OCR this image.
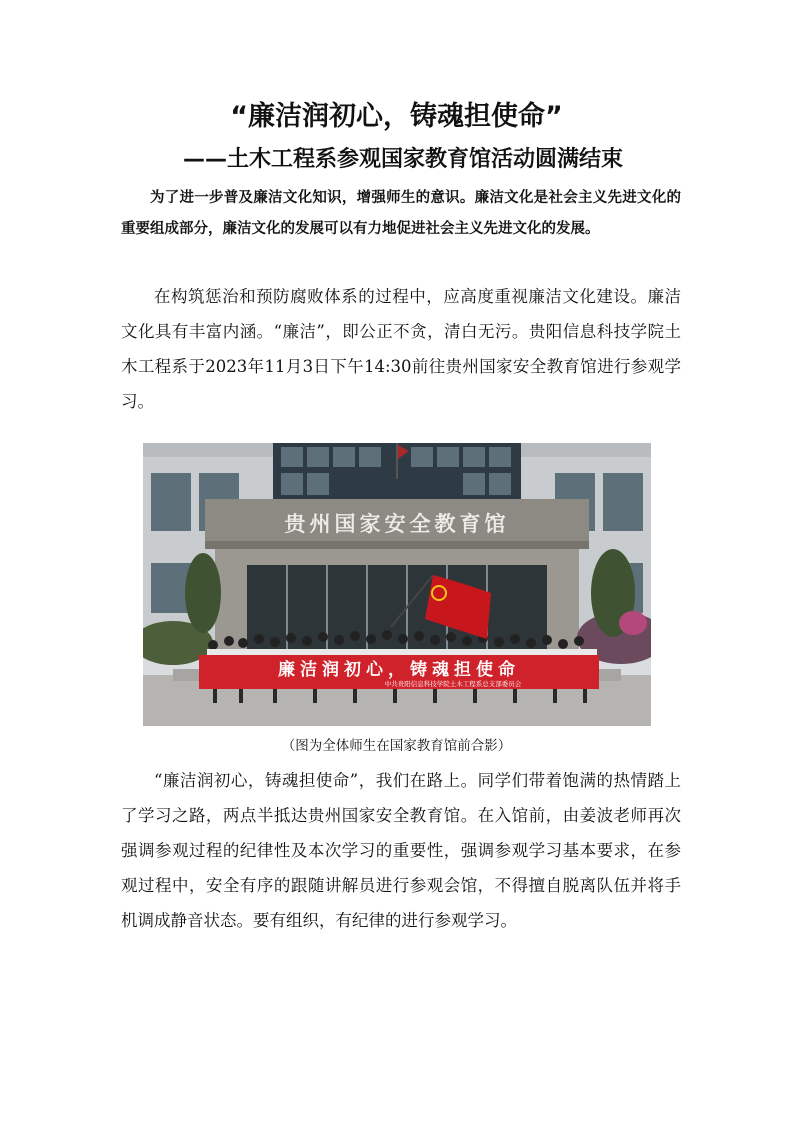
“廉洁润初心，铸魂担使命”
——土木工程系参观国家教育馆活动圆满结束
为了进一步普及廉洁文化知识，增强师生的意识。廉洁文化是社会主义先进文化的重要组成部分，廉洁文化的发展可以有力地促进社会主义先进文化的发展。
在构筑惩治和预防腐败体系的过程中，应高度重视廉洁文化建设。廉洁文化具有丰富内涵。“廉洁”，即公正不贪，清白无污。贵阳信息科技学院土木工程系于2023年11月3日下午14:30前往贵州国家安全教育馆进行参观学习。
贵州国家安全教育馆
廉洁润初心，铸魂担使命
中共贵阳信息科技学院土木工程系总支部委员会
（图为全体师生在国家教育馆前合影）
“廉洁润初心，铸魂担使命”，我们在路上。同学们带着饱满的热情踏上了学习之路，两点半抵达贵州国家安全教育馆。在入馆前，由姜波老师再次强调参观过程的纪律性及本次学习的重要性，强调参观学习基本要求，在参观过程中，安全有序的跟随讲解员进行参观会馆，不得擅自脱离队伍并将手机调成静音状态。要有组织，有纪律的进行参观学习。
